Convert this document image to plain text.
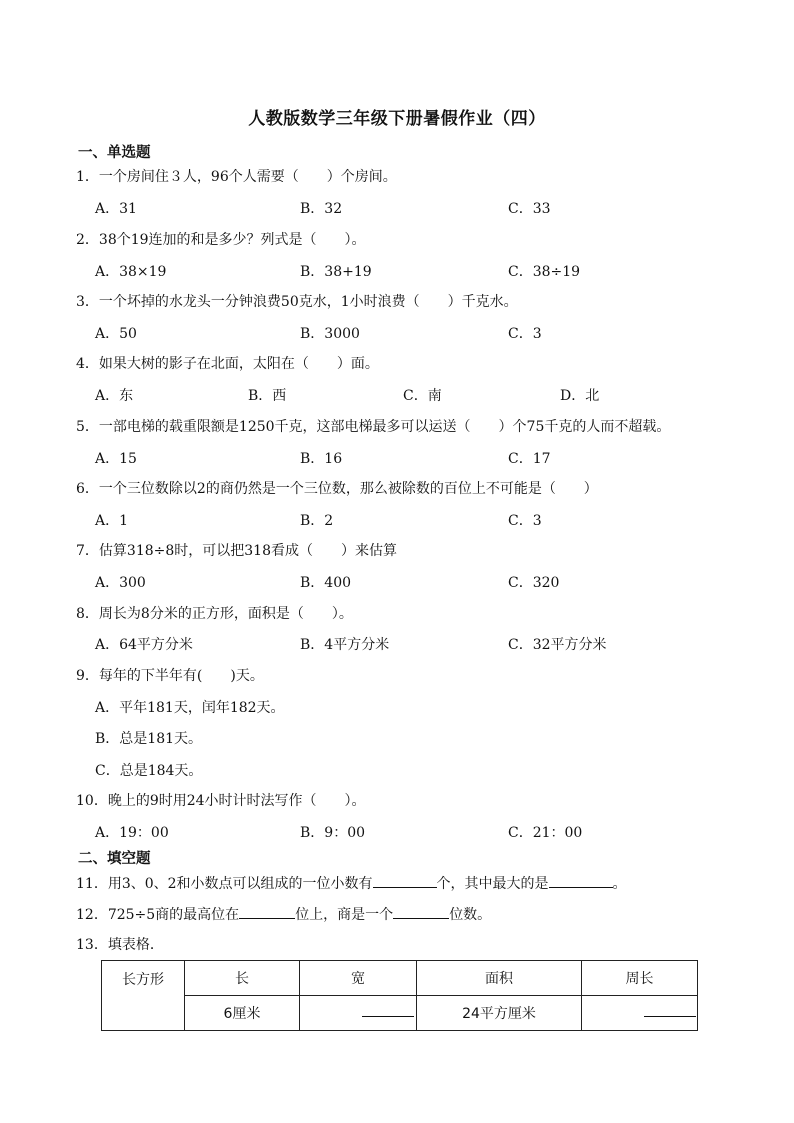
人教版数学三年级下册暑假作业（四）
一、单选题
1．一个房间住３人，96个人需要（　　）个房间。
A．31	B．32	C．33
2．38个19连加的和是多少？列式是（　　）。
A．38×19	B．38+19	C．38÷19
3．一个坏掉的水龙头一分钟浪费50克水，1小时浪费（　　）千克水。
A．50	B．3000	C．3
4．如果大树的影子在北面，太阳在（　　）面。
A．东	B．西	C．南	D．北
5．一部电梯的载重限额是1250千克，这部电梯最多可以运送（　　）个75千克的人而不超载。
A．15	B．16	C．17
6．一个三位数除以2的商仍然是一个三位数，那么被除数的百位上不可能是（　　）
A．1	B．2	C．3
7．估算318÷8时，可以把318看成（　　）来估算
A．300	B．400	C．320
8．周长为8分米的正方形，面积是（　　）。
A．64平方分米	B．4平方分米	C．32平方分米
9．每年的下半年有(　　)天。
A．平年181天，闰年182天。
B．总是181天。
C．总是184天。
10．晚上的9时用24小时计时法写作（　　）。
A．19：00	B．9：00	C．21：00
二、填空题
11．用3、0、2和小数点可以组成的一位小数有	个，其中最大的是	。
12．725÷5商的最高位在	位上，商是一个	位数。
13．填表格．
长方形	长	宽	面积	周长
	6厘米		24平方厘米	
